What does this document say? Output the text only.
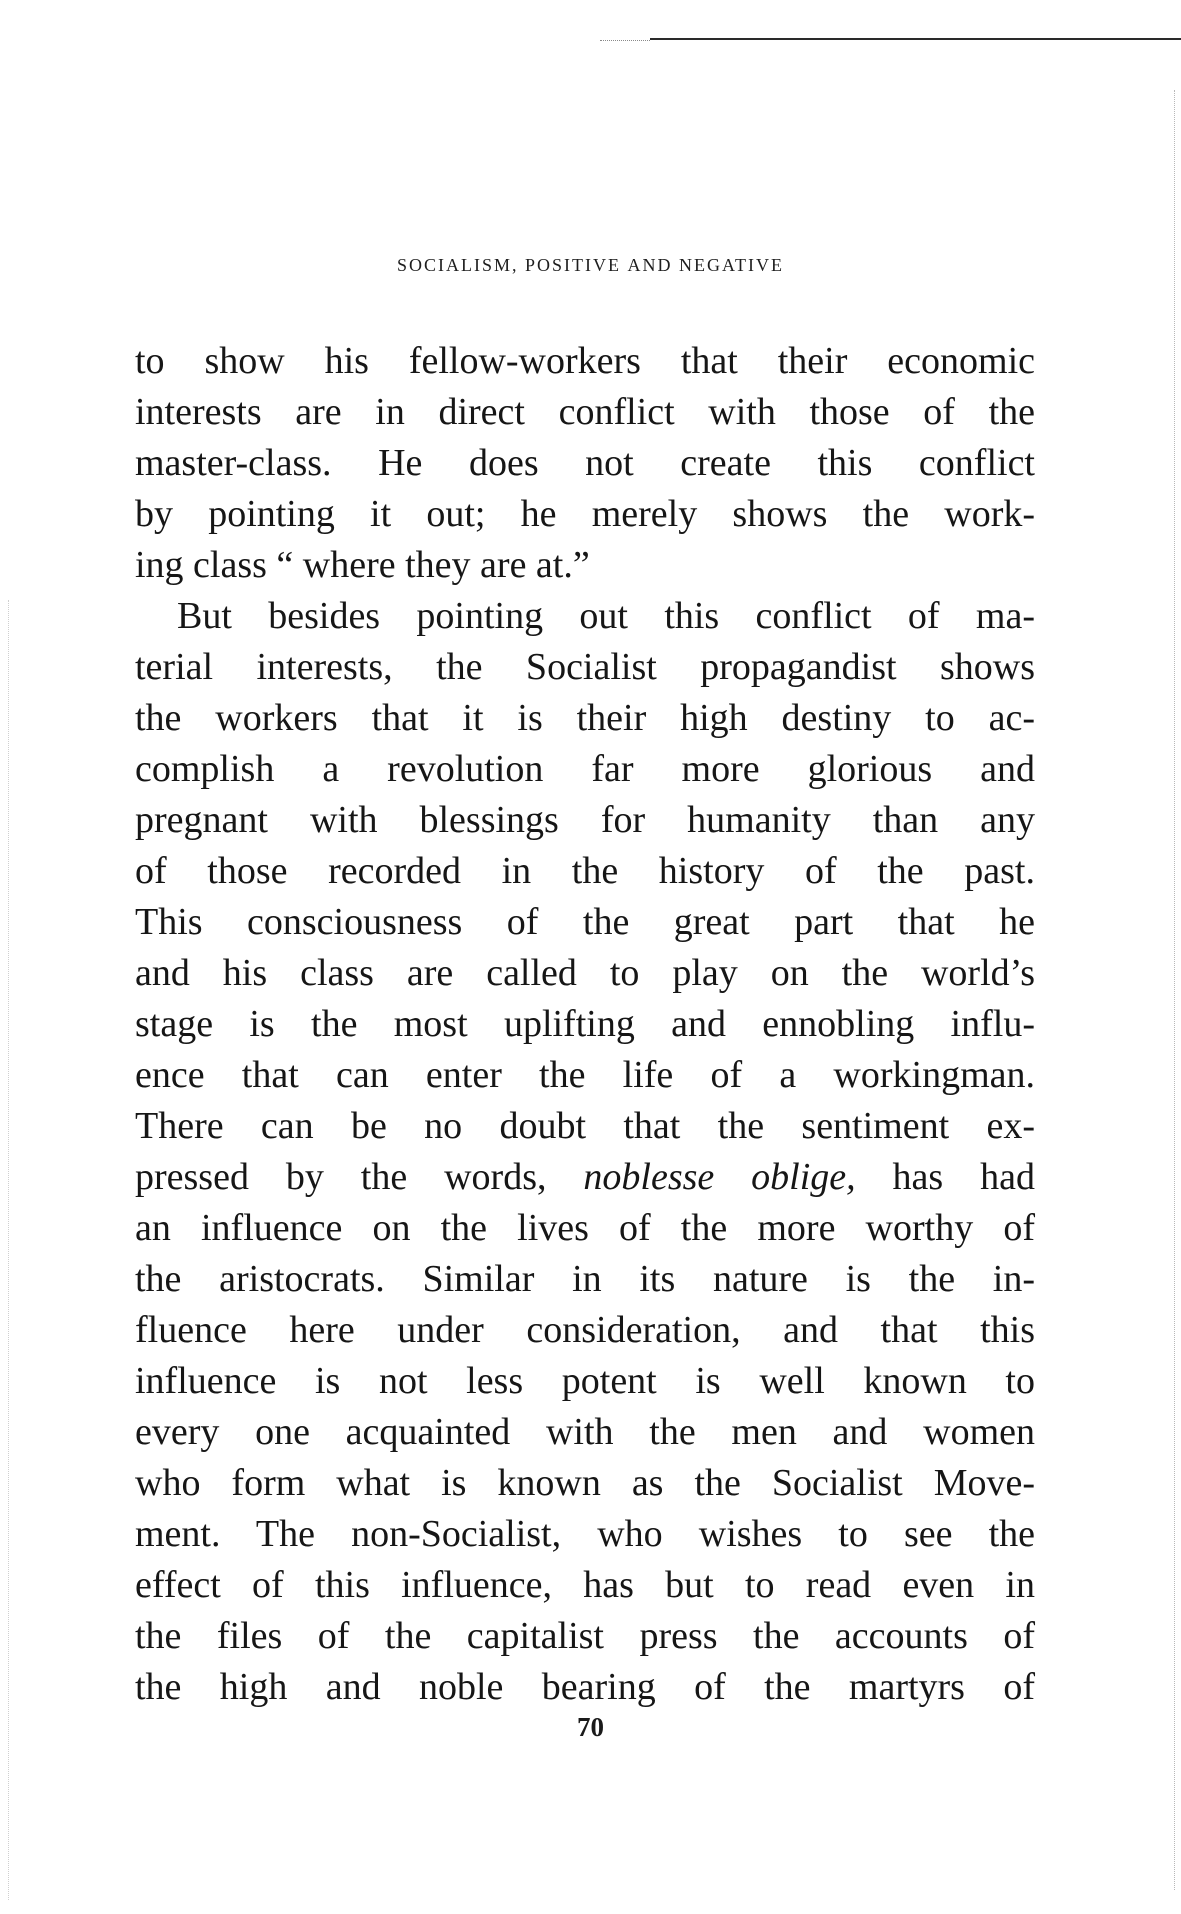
socialism, positive and negative

to show his fellow-workers that their economic
interests are in direct conflict with those of the
master-class. He does not create this conflict
by pointing it out; he merely shows the work-
ing class “ where they are at.”

But besides pointing out this conflict of ma-
terial interests, the Socialist propagandist shows
the workers that it is their high destiny to ac-
complish a revolution far more glorious and
pregnant with blessings for humanity than any
of those recorded in the history of the past.
This consciousness of the great part that he
and his class are called to play on the world’s
stage is the most uplifting and ennobling influ-
ence that can enter the life of a workingman.
There can be no doubt that the sentiment ex-
pressed by the words, noblesse oblige, has had
an influence on the lives of the more worthy of
the aristocrats. Similar in its nature is the in-
fluence here under consideration, and that this
influence is not less potent is well known to
every one acquainted with the men and women
who form what is known as the Socialist Move-
ment. The non-Socialist, who wishes to see the
effect of this influence, has but to read even in
the files of the capitalist press the accounts of
the high and noble bearing of the martyrs of

70
